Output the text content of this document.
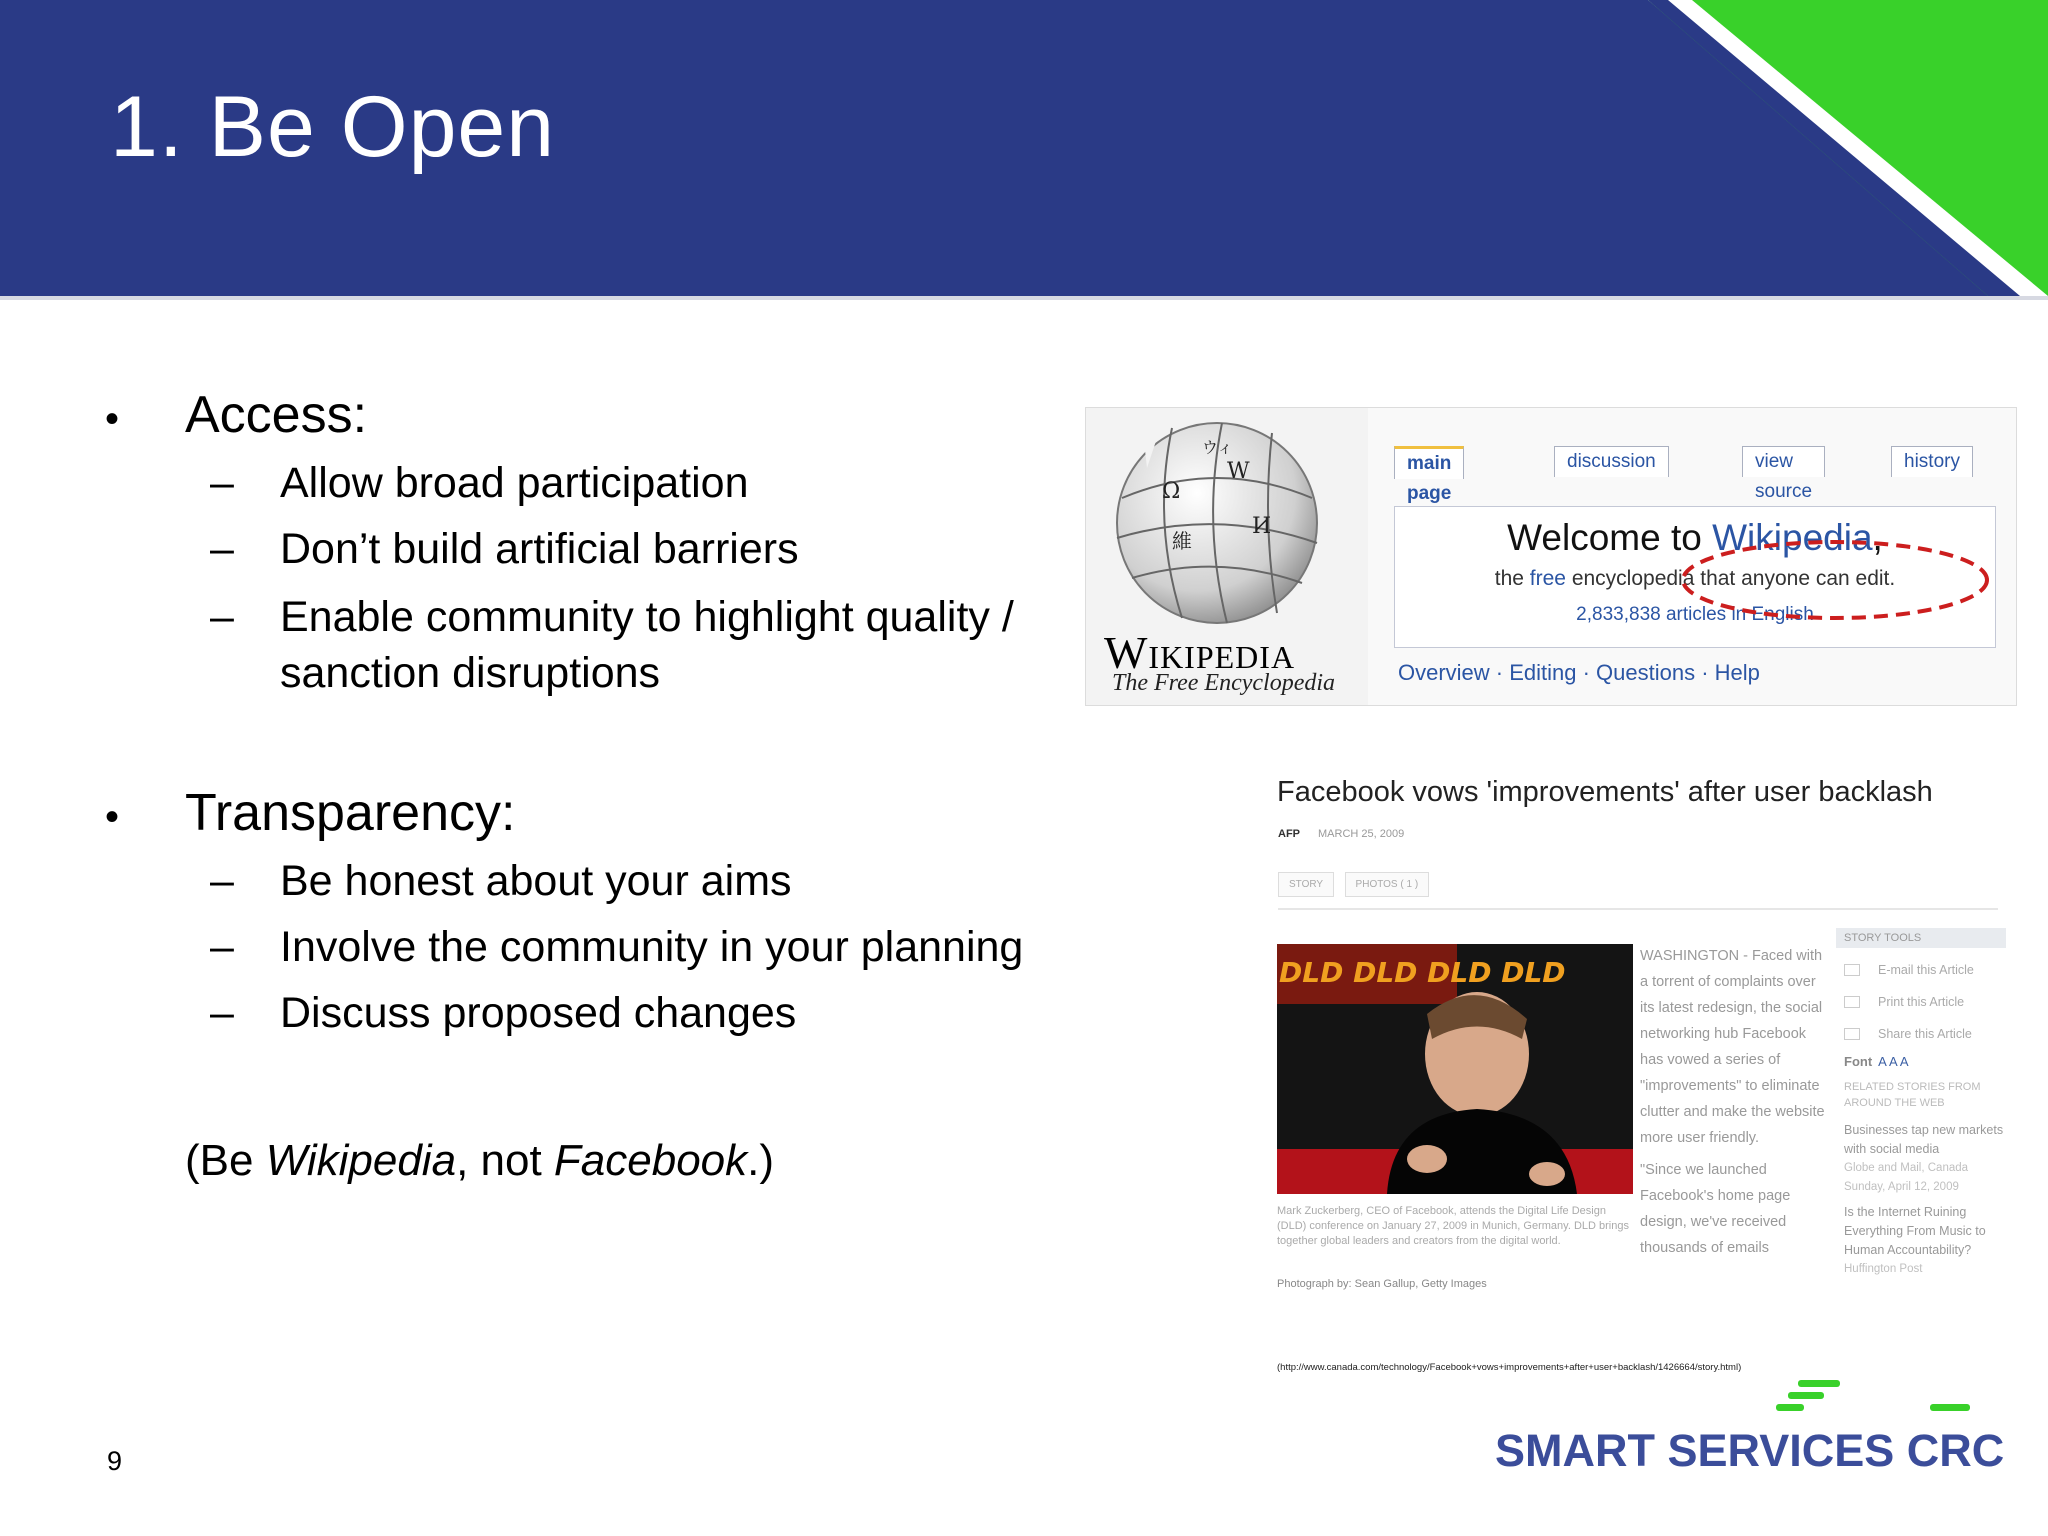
1. Be Open
•	Access:
–	Allow broad participation
–	Don’t build artificial barriers
–	Enable community to highlight quality / sanction disruptions
•	Transparency:
–	Be honest about your aims
–	Involve the community in your planning
–	Discuss proposed changes
(Be Wikipedia, not Facebook.)
9
Ω
W
維
И
ウィ
Wikipedia
The Free Encyclopedia
main page
discussion	view source
history
Welcome to Wikipedia,
the free encyclopedia that anyone can edit.
2,833,838 articles in English
Overview · Editing · Questions · Help
Facebook vows 'improvements' after user backlash
AFP MARCH 25, 2009
STORY	PHOTOS ( 1 )
DLD DLD DLD DLD
Mark Zuckerberg, CEO of Facebook, attends the Digital Life Design (DLD) conference on January 27, 2009 in Munich, Germany. DLD brings together global leaders and creators from the digital world.
Photograph by: Sean Gallup, Getty Images
WASHINGTON - Faced with a torrent of complaints over its latest redesign, the social networking hub Facebook has vowed a series of "improvements" to eliminate clutter and make the website more user friendly.
"Since we launched Facebook's home page design, we've received thousands of emails
STORY TOOLS
E-mail this Article
Print this Article
Share this Article
Font A A A
RELATED STORIES FROM AROUND THE WEB
Businesses tap new markets with social media
Globe and Mail, Canada
Sunday, April 12, 2009
Is the Internet Ruining Everything From Music to Human Accountability?
Huffington Post
(http://www.canada.com/technology/Facebook+vows+improvements+after+user+backlash/1426664/story.html)
SMART SERVICES CRC
